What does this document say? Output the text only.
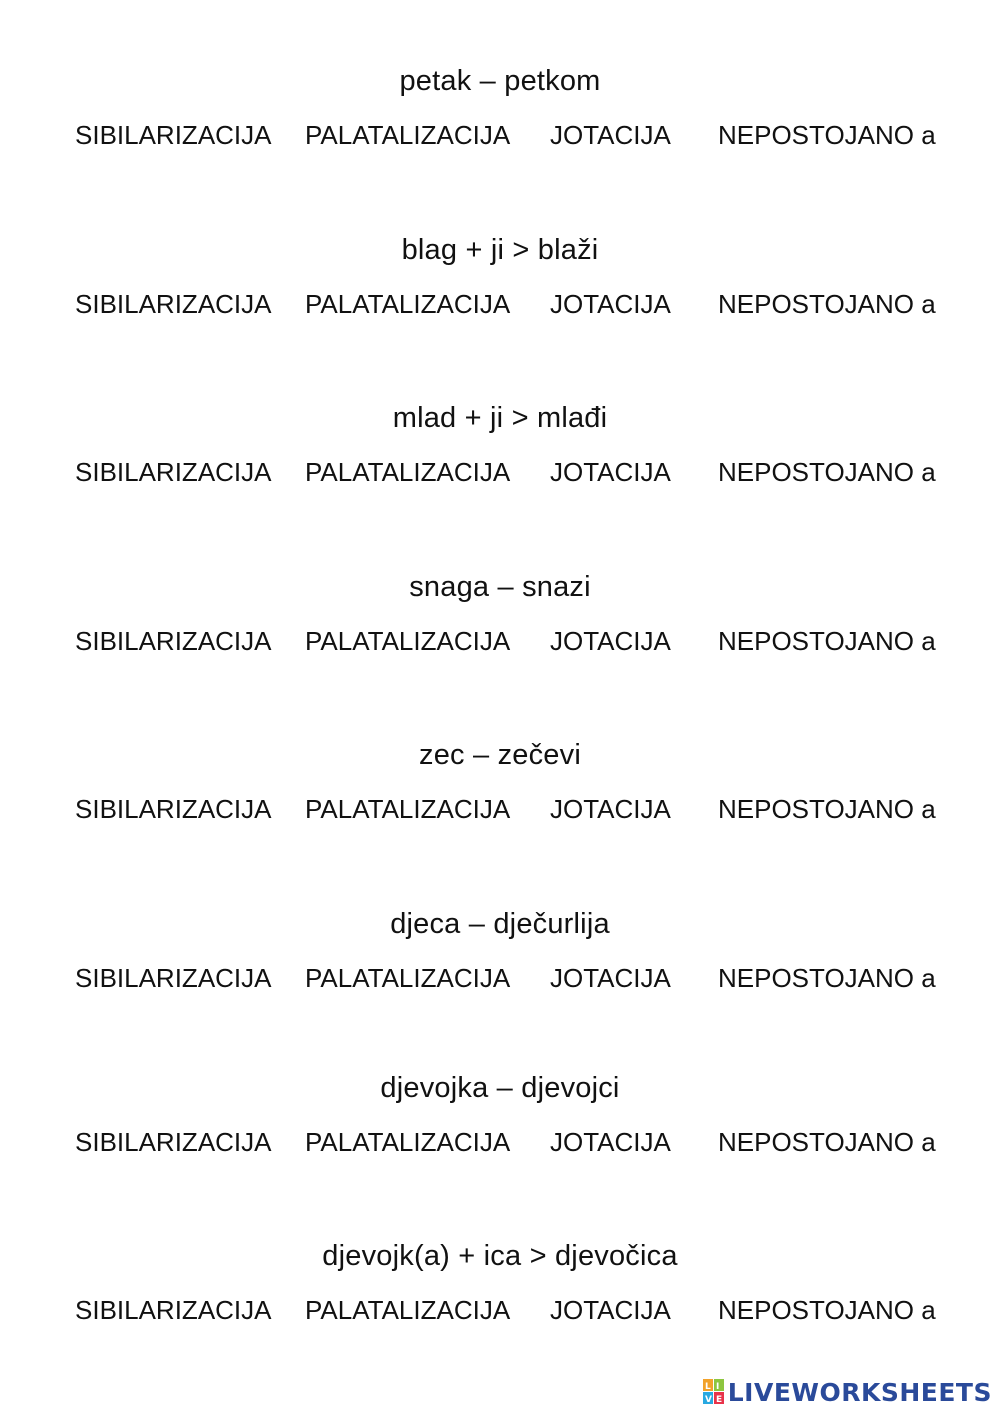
petak – petkom
SIBILARIZACIJA PALATALIZACIJA JOTACIJA NEPOSTOJANO a
blag + ji > blaži
SIBILARIZACIJA PALATALIZACIJA JOTACIJA NEPOSTOJANO a
mlad + ji > mlađi
SIBILARIZACIJA PALATALIZACIJA JOTACIJA NEPOSTOJANO a
snaga – snazi
SIBILARIZACIJA PALATALIZACIJA JOTACIJA NEPOSTOJANO a
zec – zečevi
SIBILARIZACIJA PALATALIZACIJA JOTACIJA NEPOSTOJANO a
djeca – dječurlija
SIBILARIZACIJA PALATALIZACIJA JOTACIJA NEPOSTOJANO a
djevojka – djevojci
SIBILARIZACIJA PALATALIZACIJA JOTACIJA NEPOSTOJANO a
djevojk(a) + ica > djevočica
SIBILARIZACIJA PALATALIZACIJA JOTACIJA NEPOSTOJANO a
L I
V E LIVEWORKSHEETS
